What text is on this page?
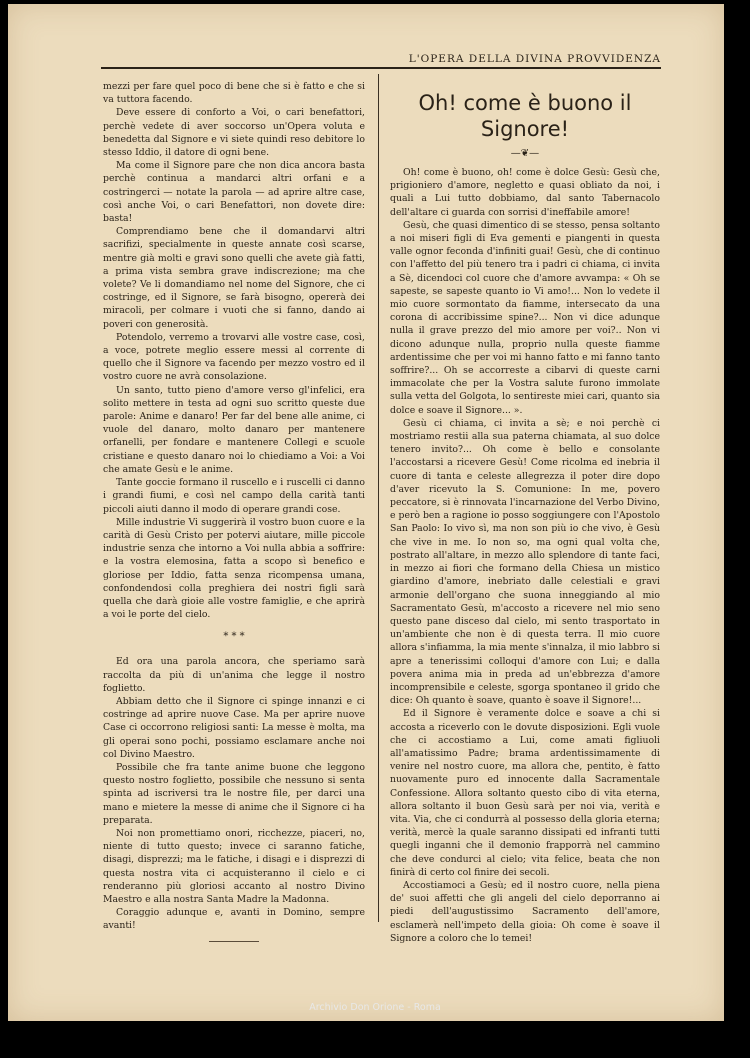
L'OPERA DELLA DIVINA PROVVIDENZA

mezzi per fare quel poco di bene che si è fatto e che si va tuttora facendo.

Deve essere di conforto a Voi, o cari benefattori, perchè vedete di aver soccorso un'Opera voluta e benedetta dal Signore e vi siete quindi reso debitore lo stesso Iddio, il datore di ogni bene.

Ma come il Signore pare che non dica ancora basta perchè continua a mandarci altri orfani e a costringerci — notate la parola — ad aprire altre case, così anche Voi, o cari Benefattori, non dovete dire: basta!

Comprendiamo bene che il domandarvi altri sacrifizi, specialmente in queste annate così scarse, mentre già molti e gravi sono quelli che avete già fatti, a prima vista sembra grave indiscrezione; ma che volete? Ve li domandiamo nel nome del Signore, che ci costringe, ed il Signore, se farà bisogno, opererà dei miracoli, per colmare i vuoti che si fanno, dando ai poveri con generosità.

Potendolo, verremo a trovarvi alle vostre case, così, a voce, potrete meglio essere messi al corrente di quello che il Signore va facendo per mezzo vostro ed il vostro cuore ne avrà consolazione.

Un santo, tutto pieno d'amore verso gl'infelici, era solito mettere in testa ad ogni suo scritto queste due parole: Anime e danaro! Per far del bene alle anime, ci vuole del danaro, molto danaro per mantenere orfanelli, per fondare e mantenere Collegi e scuole cristiane e questo danaro noi lo chiediamo a Voi: a Voi che amate Gesù e le anime.

Tante goccie formano il ruscello e i ruscelli ci danno i grandi fiumi, e così nel campo della carità tanti piccoli aiuti danno il modo di operare grandi cose.

Mille industrie Vi suggerirà il vostro buon cuore e la carità di Gesù Cristo per potervi aiutare, mille piccole industrie senza che intorno a Voi nulla abbia a soffrire: e la vostra elemosina, fatta a scopo sì benefico e gloriose per Iddio, fatta senza ricompensa umana, confondendosi colla preghiera dei nostri figli sarà quella che darà gioie alle vostre famiglie, e che aprirà a voi le porte del cielo.

* * *

Ed ora una parola ancora, che speriamo sarà raccolta da più di un'anima che legge il nostro foglietto.

Abbiam detto che il Signore ci spinge innanzi e ci costringe ad aprire nuove Case. Ma per aprire nuove Case ci occorrono religiosi santi: La messe è molta, ma gli operai sono pochi, possiamo esclamare anche noi col Divino Maestro.

Possibile che fra tante anime buone che leggono questo nostro foglietto, possibile che nessuno si senta spinta ad iscriversi tra le nostre file, per darci una mano e mietere la messe di anime che il Signore ci ha preparata.

Noi non promettiamo onori, ricchezze, piaceri, no, niente di tutto questo; invece ci saranno fatiche, disagi, disprezzi; ma le fatiche, i disagi e i disprezzi di questa nostra vita ci acquisteranno il cielo e ci renderanno più gloriosi accanto al nostro Divino Maestro e alla nostra Santa Madre la Madonna.

Coraggio adunque e, avanti in Domino, sempre avanti!

Oh! come è buono il Signore!
—❦—

Oh! come è buono, oh! come è dolce Gesù: Gesù che, prigioniero d'amore, negletto e quasi obliato da noi, i quali a Lui tutto dobbiamo, dal santo Tabernacolo dell'altare ci guarda con sorrisi d'ineffabile amore!

Gesù, che quasi dimentico di se stesso, pensa soltanto a noi miseri figli di Eva gementi e piangenti in questa valle ognor feconda d'infiniti guai! Gesù, che di continuo con l'affetto del più tenero tra i padri ci chiama, ci invita a Sè, dicendoci col cuore che d'amore avvampa: « Oh se sapeste, se sapeste quanto io Vi amo!... Non lo vedete il mio cuore sormontato da fiamme, intersecato da una corona di accribissime spine?... Non vi dice adunque nulla il grave prezzo del mio amore per voi?.. Non vi dicono adunque nulla, proprio nulla queste fiamme ardentissime che per voi mi hanno fatto e mi fanno tanto soffrire?... Oh se accorreste a cibarvi di queste carni immacolate che per la Vostra salute furono immolate sulla vetta del Golgota, lo sentireste miei cari, quanto sia dolce e soave il Signore... ».

Gesù ci chiama, ci invita a sè; e noi perchè ci mostriamo restii alla sua paterna chiamata, al suo dolce tenero invito?... Oh come è bello e consolante l'accostarsi a ricevere Gesù! Come ricolma ed inebria il cuore di tanta e celeste allegrezza il poter dire dopo d'aver ricevuto la S. Comunione: In me, povero peccatore, si è rinnovata l'incarnazione del Verbo Divino, e però ben a ragione io posso soggiungere con l'Apostolo San Paolo: Io vivo sì, ma non son più io che vivo, è Gesù che vive in me. Io non so, ma ogni qual volta che, postrato all'altare, in mezzo allo splendore di tante faci, in mezzo ai fiori che formano della Chiesa un mistico giardino d'amore, inebriato dalle celestiali e gravi armonie dell'organo che suona inneggiando al mio Sacramentato Gesù, m'accosto a ricevere nel mio seno questo pane disceso dal cielo, mi sento trasportato in un'ambiente che non è di questa terra. Il mio cuore allora s'infiamma, la mia mente s'innalza, il mio labbro si apre a tenerissimi colloqui d'amore con Lui; e dalla povera anima mia in preda ad un'ebbrezza d'amore incomprensibile e celeste, sgorga spontaneo il grido che dice: Oh quanto è soave, quanto è soave il Signore!...

Ed il Signore è veramente dolce e soave a chi si accosta a riceverlo con le dovute disposizioni. Egli vuole che ci accostiamo a Lui, come amati figliuoli all'amatissimo Padre; brama ardentissimamente di venire nel nostro cuore, ma allora che, pentito, è fatto nuovamente puro ed innocente dalla Sacramentale Confessione. Allora soltanto questo cibo di vita eterna, allora soltanto il buon Gesù sarà per noi via, verità e vita. Via, che ci condurrà al possesso della gloria eterna; verità, mercè la quale saranno dissipati ed infranti tutti quegli inganni che il demonio frapporrà nel cammino che deve condurci al cielo; vita felice, beata che non finirà di certo col finire dei secoli.

Accostiamoci a Gesù; ed il nostro cuore, nella piena de' suoi affetti che gli angeli del cielo deporranno ai piedi dell'augustissimo Sacramento dell'amore, esclamerà nell'impeto della gioia: Oh come è soave il Signore a coloro che lo temei!

Archivio Don Orione - Roma
